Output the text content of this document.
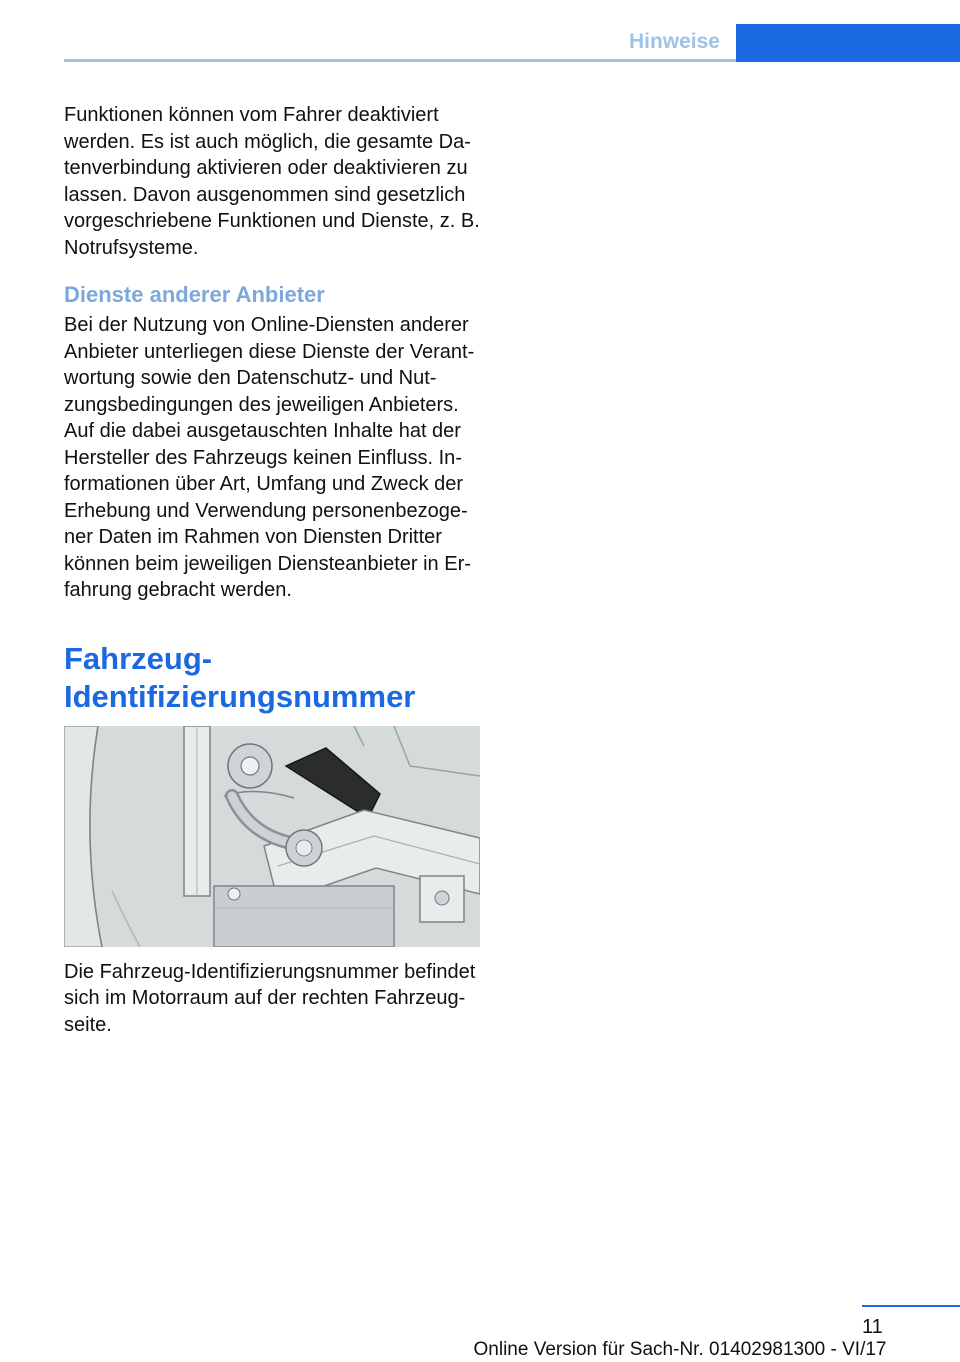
Hinweise

Funktionen können vom Fahrer deaktiviert werden. Es ist auch möglich, die gesamte Datenverbindung aktivieren oder deaktivieren zu lassen. Davon ausgenommen sind gesetzlich vorgeschriebene Funktionen und Dienste, z. B. Notrufsysteme.

Dienste anderer Anbieter

Bei der Nutzung von Online-Diensten anderer Anbieter unterliegen diese Dienste der Verantwortung sowie den Datenschutz- und Nutzungsbedingungen des jeweiligen Anbieters. Auf die dabei ausgetauschten Inhalte hat der Hersteller des Fahrzeugs keinen Einfluss. Informationen über Art, Umfang und Zweck der Erhebung und Verwendung personenbezogener Daten im Rahmen von Diensten Dritter können beim jeweiligen Diensteanbieter in Erfahrung gebracht werden.

Fahrzeug-Identifizierungsnummer

Die Fahrzeug-Identifizierungsnummer befindet sich im Motorraum auf der rechten Fahrzeugseite.

11
Online Version für Sach-Nr. 01402981300 - VI/17
